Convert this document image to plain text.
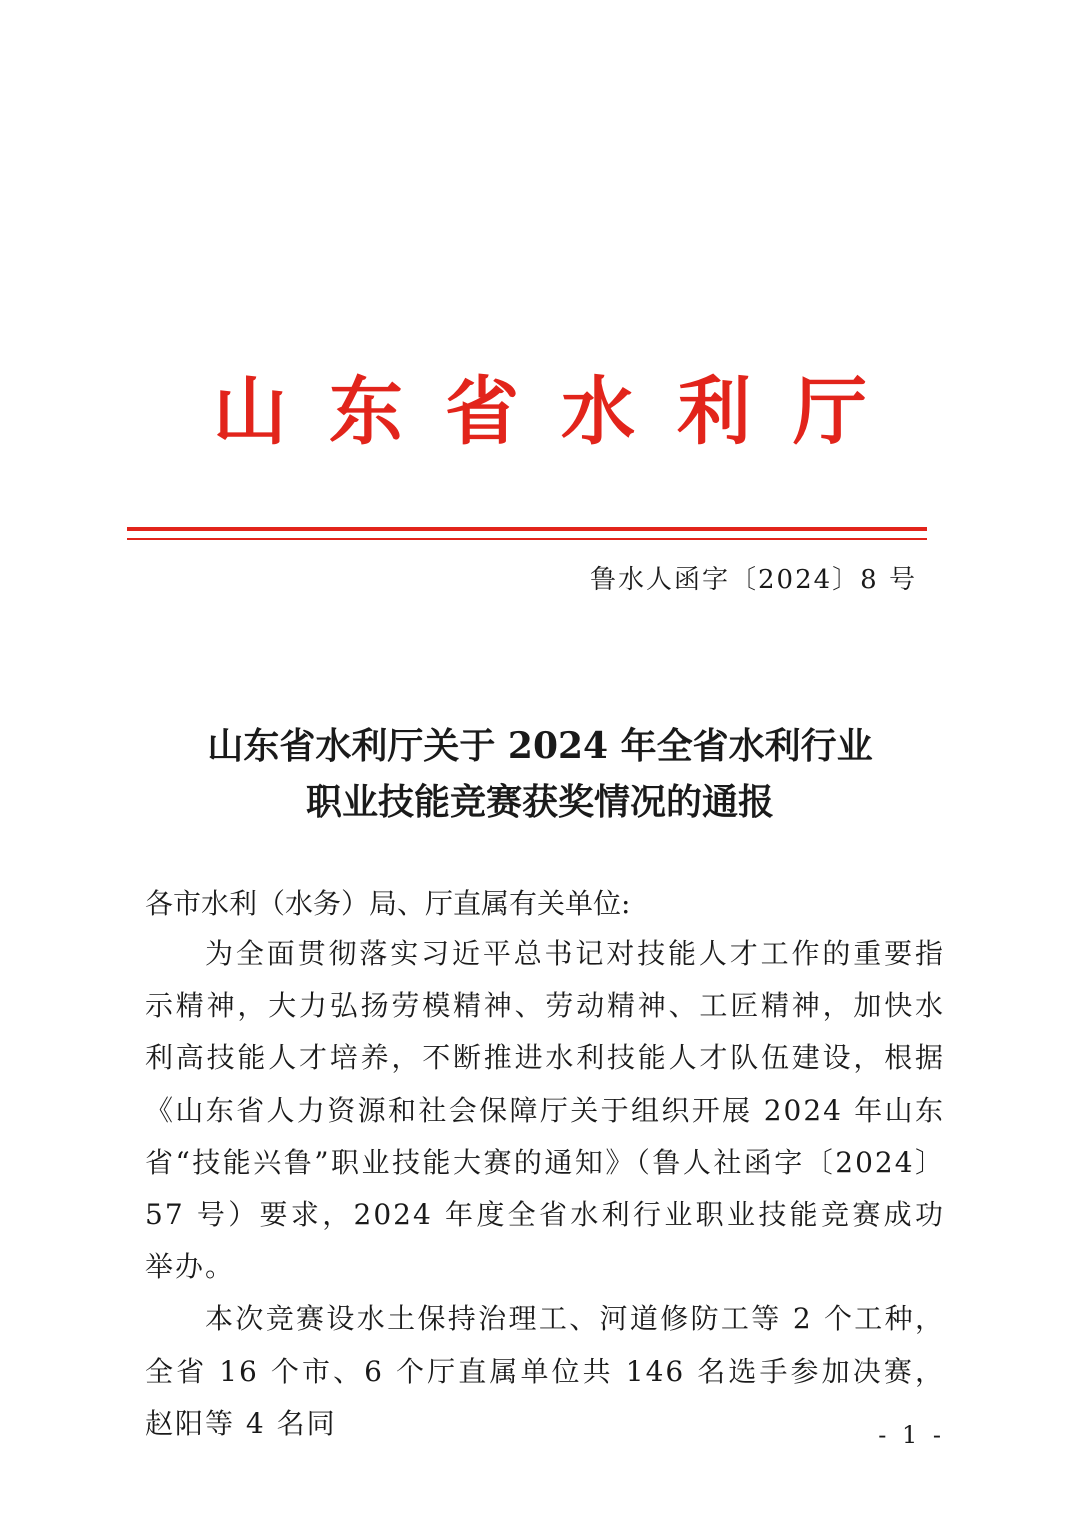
山东省水利厅
鲁水人函字〔2024〕8 号
山东省水利厅关于 2024 年全省水利行业
职业技能竞赛获奖情况的通报
各市水利（水务）局、厅直属有关单位:

为全面贯彻落实习近平总书记对技能人才工作的重要指示精神，大力弘扬劳模精神、劳动精神、工匠精神，加快水利高技能人才培养，不断推进水利技能人才队伍建设，根据《山东省人力资源和社会保障厅关于组织开展 2024 年山东省“技能兴鲁”职业技能大赛的通知》（鲁人社函字〔2024〕57 号）要求，2024 年度全省水利行业职业技能竞赛成功举办。

本次竞赛设水土保持治理工、河道修防工等 2 个工种，全省 16 个市、6 个厅直属单位共 146 名选手参加决赛，赵阳等 4 名同	- 1 -
